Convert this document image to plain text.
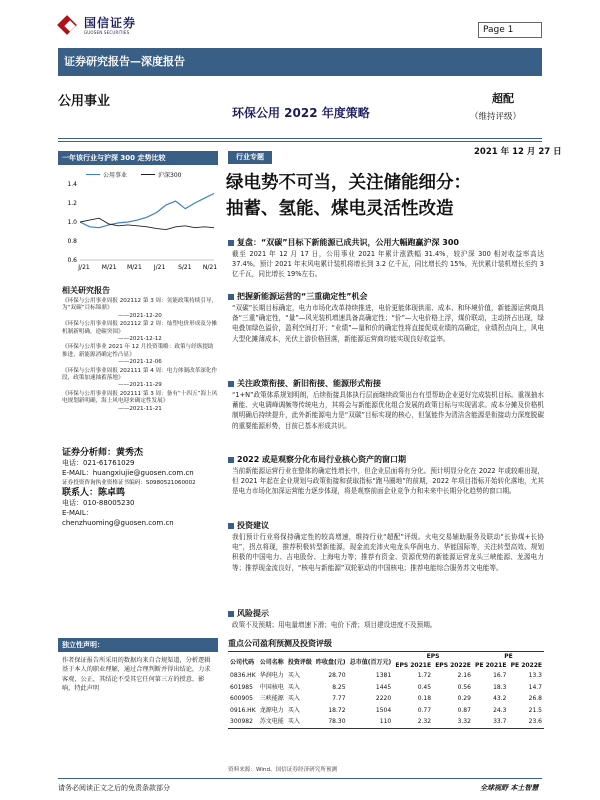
国信证券
GUOSEN SECURITIES	Page 1
证券研究报告—深度报告
公用事业
环保公用 2022 年度策略
超配
（维持评级）
2021 年 12 月 27 日
一年该行业与沪深 300 走势比较
公用事业	沪深300
1.4
1.2
1.0
0.8
0.6
J/21 M/21 M/21 J/21 S/21 N/21
相关研究报告
《环保与公用事业周报 202112 第 3 周：氢能政策持续引导，为“双碳”目标锦鼎》
——2021-12-20
《环保与公用事业周报 202112 第 2 周：灿塑电价形成及分摊机制新明确，逆碳突围》
——2021-12-12
《环保与公用事业 2021 年 12 月投资策略：政策与经纵提助推进，新能源消确定性凸显》
——2021-12-06
《环保与公用事业周报 202111 第 4 周：电力体制改革深化作段，政策加速抽蓄落地》
——2021-11-29
《环保与公用事业周报 202111 第 3 周：备有“十四五”海上风电规划新明确，海上风电迎来确定性发展》
——2021-11-21
证券分析师：黄秀杰
电话：021-61761029
E-MAIL：huangxiujie@guosen.com.cn
证券投资咨询执业资格证书编码：S0980521060002
联系人：陈卓鸣
电话：010-88005230
E-MAIL：
chenzhuoming@guosen.com.cn
独立性声明：
作者保证报告所采用的数据均来自合规渠道，分析逻辑基于本人的职业理解，通过合理判断并得出结论，力求客观、公正，其结论不受其它任何第三方的授意、影响，特此声明
行业专题
绿电势不可当，关注储能细分：
抽蓄、氢能、煤电灵活性改造
复盘：“双碳”目标下新能源已成共识，公用大幅跑赢沪深 300
截至 2021 年 12 月 17 日，公用事业 2021 年累计涨跌幅 31.4%，较沪深 300 相对收益率高达 37.4%。预计 2021 年末风电累计装机将增长到 3.2 亿千瓦，同比增长约 15%，光伏累计装机增长至约 3 亿千瓦，同比增长 19%左右。
把握新能源运营的“三重确定性”机会
“双碳”长期目标确定，电力市场化改革持续推进，电价更能体现供需、成本、和环境价值，新能源运营商具备“三重”确定性，“量”—风光装机增速具备高确定性；“价”—大电价格上浮，煤价联动，主动挤占出现，绿电叠加绿色溢价，盈利空间打开；“业绩”—量和价的确定性将直接促成业绩的高确定，业绩拐点向上，风电大型化摊薄成本，光伏上游价格回落，新能源运营商均能实现良好收益率。
关注政策衔接、新旧衔接、能源形式衔接
“1+N”政策体系规划明朗，后续衔接具体执行层面继续政策出台有望帮助企业更好完成装机目标。重视抽水蓄能、火电调峰调频等传统电力，其将会与新能源优化组合发展的政策目标与实现需求。成本分摊及价格机制明确后持续提升，此外新能源电力是“双碳”目标实现的核心，但氢能作为清洁含能源是衔接动力深度脱碳的重要能源形势，目前已基本形成共识。
2022 或是观察分化布局行业核心资产的窗口期
当前新能源运营行业在整体的确定性增长中，但企业层面将有分化。预计明显分化在 2022 年或较难出现，但 2021 年起在企业规划与政策衔接和获取指标“跑马圈地”的前期，2022 年项目指标开始转化落地，尤其是电力市场化加深运营能力逐步体现，将是观察前面企业竞争力和未来中长期分化趋势的窗口期。
投资建议
我们预计行业将保持确定性的较高增速，维持行业“超配”评级。火电交易辅助服务及联动“长协煤+长协电”，拐点将现，推荐积极转型新能源，现金流充沛火电龙头华润电力、华能国际等，关注转型高效、规划积极的中国电力、吉电股份、上海电力等；推荐有资金、资源优势的新能源运营龙头三峡能源、龙源电力等；推荐现金流良好，“核电与新能源”双轮驱动的中国核电；推荐电能综合服务苏文电能等。
风险提示
政策不及预期；用电量增速下滑；电价下滑；项目建设进度不及预期。
重点公司盈利预测及投资评级
公司代码	公司名称	投资评级	昨收盘(元)	总市值(百万元)	EPS		PE	
					EPS 2021E	EPS 2022E	PE 2021E	PE 2022E
0836.HK	华润电力	买入	28.70	1381	1.72	2.16	16.7	13.3
601985	中国核电	买入	8.25	1445	0.45	0.56	18.3	14.7
600905	三峡能源	买入	7.77	2220	0.18	0.29	43.2	26.8
0916.HK	龙源电力	买入	18.72	1504	0.77	0.87	24.3	21.5
300982	苏文电能	买入	78.30	110	2.32	3.32	33.7	23.6
资料来源：Wind、国信证券经济研究所预测
请务必阅读正文之后的免责条款部分	全球视野 本土智慧
